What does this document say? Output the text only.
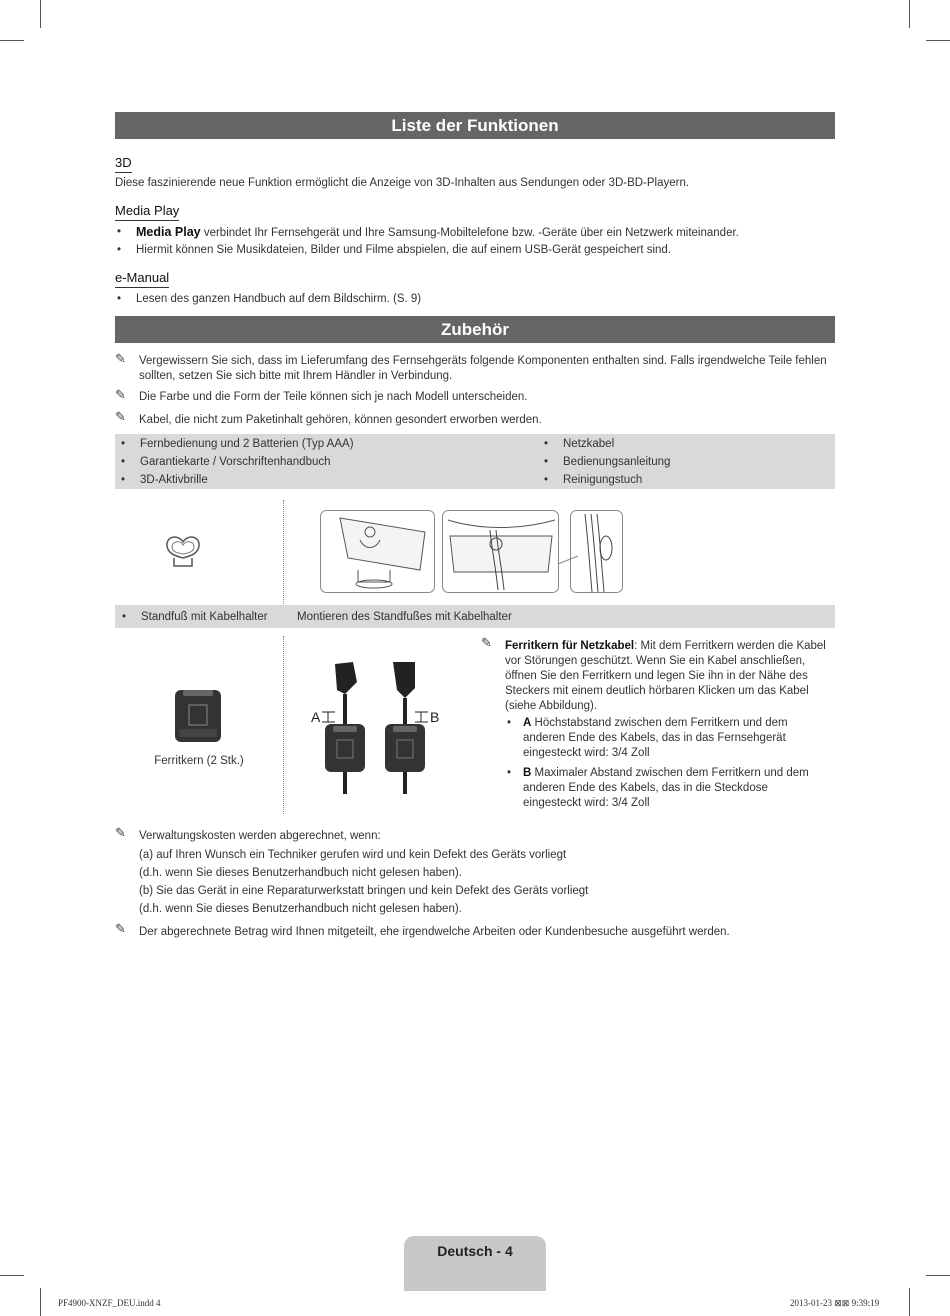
Liste der Funktionen
3D
Diese faszinierende neue Funktion ermöglicht die Anzeige von 3D-Inhalten aus Sendungen oder 3D-BD-Playern.
Media Play
• Media Play verbindet Ihr Fernsehgerät und Ihre Samsung-Mobiltelefone bzw. -Geräte über ein Netzwerk miteinander.
• Hiermit können Sie Musikdateien, Bilder und Filme abspielen, die auf einem USB-Gerät gespeichert sind.
e-Manual
• Lesen des ganzen Handbuch auf dem Bildschirm. (S. 9)
Zubehör
✎ Vergewissern Sie sich, dass im Lieferumfang des Fernsehgeräts folgende Komponenten enthalten sind. Falls irgendwelche Teile fehlen sollten, setzen Sie sich bitte mit Ihrem Händler in Verbindung.
✎ Die Farbe und die Form der Teile können sich je nach Modell unterscheiden.
✎ Kabel, die nicht zum Paketinhalt gehören, können gesondert erworben werden.
• Fernbedienung und 2 Batterien (Typ AAA)
• Garantiekarte / Vorschriftenhandbuch
• 3D-Aktivbrille
• Netzkabel
• Bedienungsanleitung
• Reinigungstuch
• Standfuß mit Kabelhalter	Montieren des Standfußes mit Kabelhalter
Ferritkern (2 Stk.)
A	B
✎ Ferritkern für Netzkabel: Mit dem Ferritkern werden die Kabel vor Störungen geschützt. Wenn Sie ein Kabel anschließen, öffnen Sie den Ferritkern und legen Sie ihn in der Nähe des Steckers mit einem deutlich hörbaren Klicken um das Kabel (siehe Abbildung).
• A Höchstabstand zwischen dem Ferritkern und dem anderen Ende des Kabels, das in das Fernsehgerät eingesteckt wird: 3/4 Zoll
• B Maximaler Abstand zwischen dem Ferritkern und dem anderen Ende des Kabels, das in die Steckdose eingesteckt wird: 3/4 Zoll
✎ Verwaltungskosten werden abgerechnet, wenn:
(a) auf Ihren Wunsch ein Techniker gerufen wird und kein Defekt des Geräts vorliegt
(d.h. wenn Sie dieses Benutzerhandbuch nicht gelesen haben).
(b) Sie das Gerät in eine Reparaturwerkstatt bringen und kein Defekt des Geräts vorliegt
(d.h. wenn Sie dieses Benutzerhandbuch nicht gelesen haben).
✎ Der abgerechnete Betrag wird Ihnen mitgeteilt, ehe irgendwelche Arbeiten oder Kundenbesuche ausgeführt werden.
Deutsch - 4
PF4900-XNZF_DEU.indd 4	2013-01-23 ⊠⊠ 9:39:19
